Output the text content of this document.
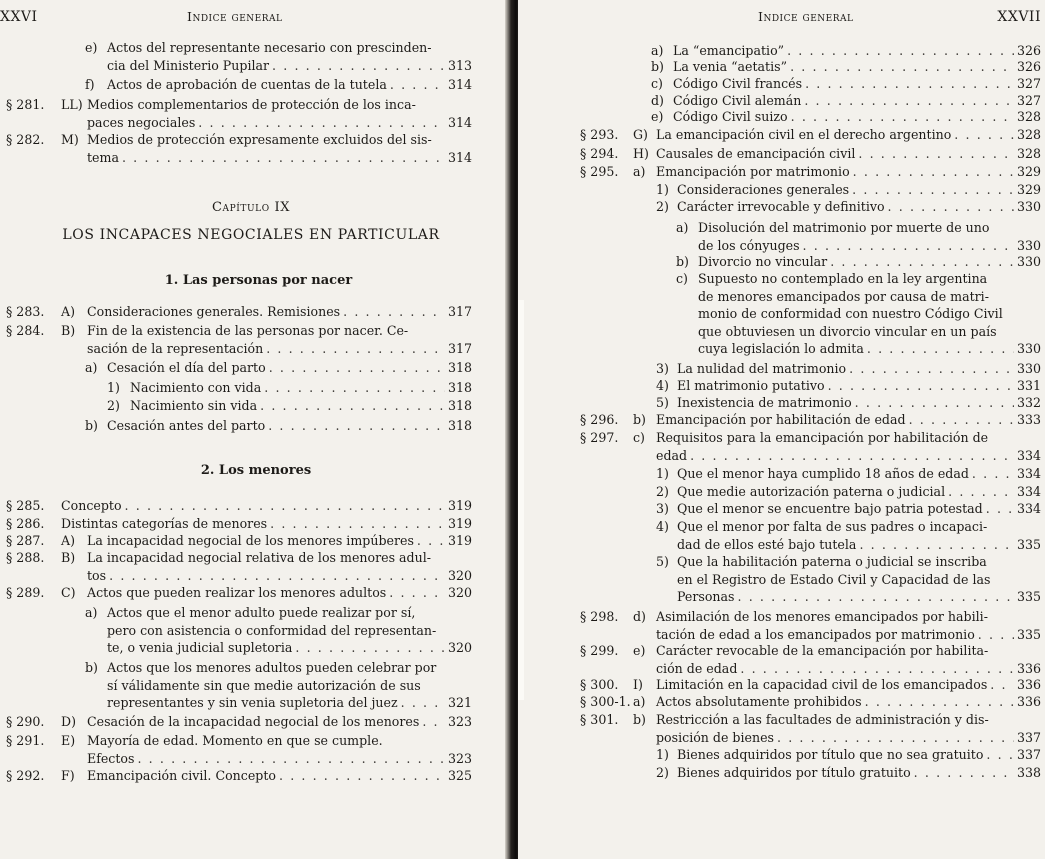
XXVI	Indice general
e) Actos del representante necesario con prescinden-
cia del Ministerio Pupilar . . .	313
f) Actos de aprobación de cuentas de la tutela . . .	314
§ 281. LL) Medios complementarios de protección de los inca-
paces negociales . . .	314
§ 282. M) Medios de protección expresamente excluidos del sis-
tema . . .	314
§ 283. A) Consideraciones generales. Remisiones . . .	317
§ 284. B) Fin de la existencia de las personas por nacer. Ce-
sación de la representación . . .	317
a) Cesación el día del parto . . .	318
1) Nacimiento con vida . . .	318
2) Nacimiento sin vida . . .	318
b) Cesación antes del parto . . .	318
§ 285. Concepto . . .	319
§ 286. Distintas categorías de menores . . .	319
§ 287. A) La incapacidad negocial de los menores impúberes . . .	319
§ 288. B) La incapacidad negocial relativa de los menores adul-
tos . . .	320
§ 289. C) Actos que pueden realizar los menores adultos . . .	320
a) Actos que el menor adulto puede realizar por sí,
pero con asistencia o conformidad del representan-
te, o venia judicial supletoria . . .	320
b) Actos que los menores adultos pueden celebrar por
sí válidamente sin que medie autorización de sus
representantes y sin venia supletoria del juez . . .	321
§ 290. D) Cesación de la incapacidad negocial de los menores . . . 323
§ 291. E) Mayoría de edad. Momento en que se cumple.
Efectos . . .	323
§ 292. F) Emancipación civil. Concepto . . .	325
Capítulo IX
LOS INCAPACES NEGOCIALES EN PARTICULAR
1. Las personas por nacer
2. Los menores
Indice general	XXVII
a) La “emancipatio” . . .	326
b) La venia “aetatis” . . .	326
c) Código Civil francés . . .	327
d) Código Civil alemán . . .	327
e) Código Civil suizo . . .	328
§ 293. G) La emancipación civil en el derecho argentino . . .	328
§ 294. H) Causales de emancipación civil . . .	328
§ 295. a) Emancipación por matrimonio . . .	329
1) Consideraciones generales . . .	329
2) Carácter irrevocable y definitivo . . .	330
a) Disolución del matrimonio por muerte de uno
de los cónyuges . . .	330
b) Divorcio no vincular . . .	330
c) Supuesto no contemplado en la ley argentina
de menores emancipados por causa de matri-
monio de conformidad con nuestro Código Civil
que obtuviesen un divorcio vincular en un país
cuya legislación lo admita . . .	330
3) La nulidad del matrimonio . . .	330
4) El matrimonio putativo . . .	331
5) Inexistencia de matrimonio . . .	332
§ 296. b) Emancipación por habilitación de edad . . .	333
§ 297. c) Requisitos para la emancipación por habilitación de
edad . . .	334
1) Que el menor haya cumplido 18 años de edad . . .	334
2) Que medie autorización paterna o judicial . . .	334
3) Que el menor se encuentre bajo patria potestad . . .	334
4) Que el menor por falta de sus padres o incapaci-
dad de ellos esté bajo tutela . . .	335
5) Que la habilitación paterna o judicial se inscriba
en el Registro de Estado Civil y Capacidad de las
Personas . . .	335
§ 298. d) Asimilación de los menores emancipados por habili-
tación de edad a los emancipados por matrimonio . . .	335
§ 299. e) Carácter revocable de la emancipación por habilita-
ción de edad . . .	336
§ 300. I) Limitación en la capacidad civil de los emancipados . . . 336
§ 300-1. a) Actos absolutamente prohibidos . . .	336
§ 301. b) Restricción a las facultades de administración y dis-
posición de bienes . . .	337
1) Bienes adquiridos por título que no sea gratuito . . .	337
2) Bienes adquiridos por título gratuito . . .	338
